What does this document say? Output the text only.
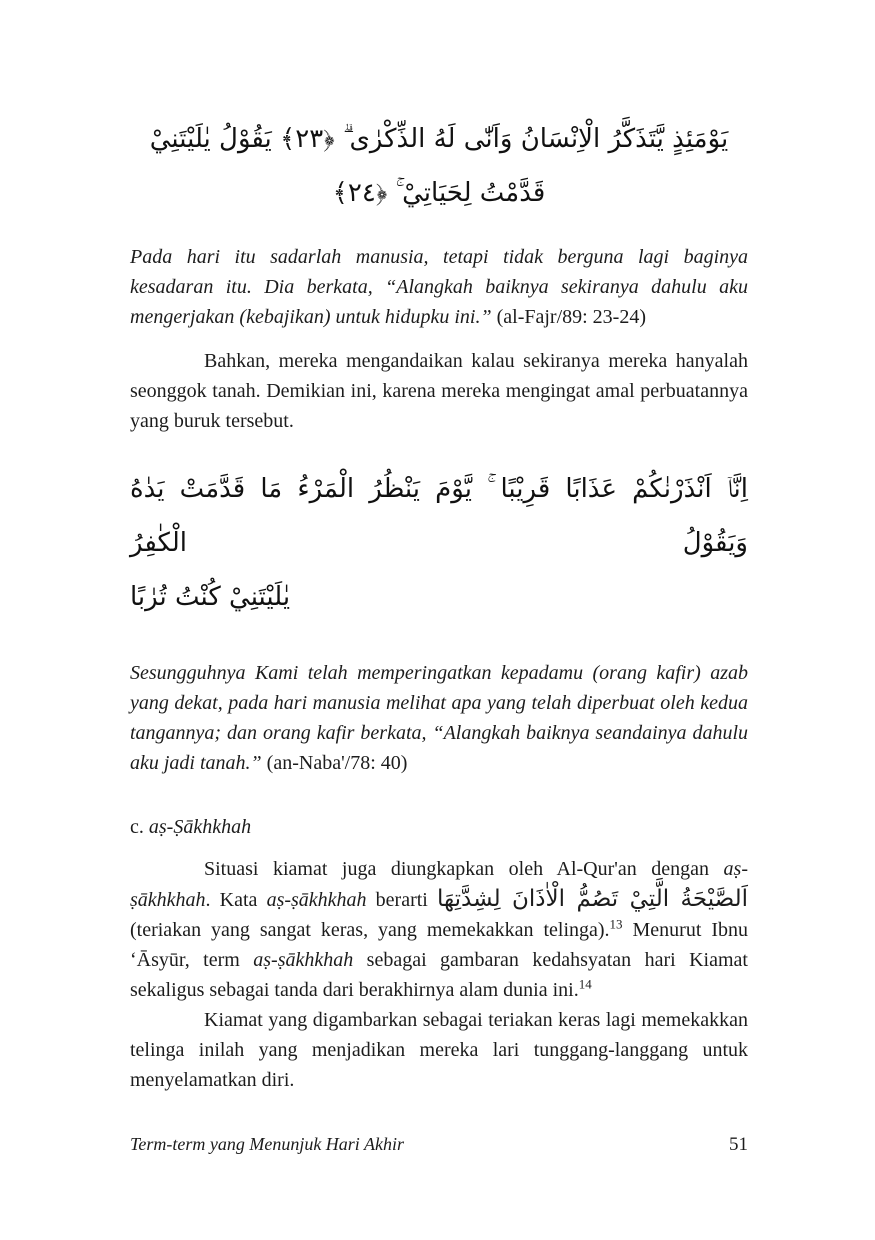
يَوْمَئِذٍ يَّتَذَكَّرُ الْاِنْسَانُ وَاَنّٰى لَهُ الذِّكْرٰى ۗ ﴿٢٣﴾ يَقُوْلُ يٰلَيْتَنِيْ
قَدَّمْتُ لِحَيَاتِيْ ۚ ﴿٢٤﴾

Pada hari itu sadarlah manusia, tetapi tidak berguna lagi baginya kesadaran itu. Dia berkata, “Alangkah baiknya sekiranya dahulu aku mengerjakan (kebajikan) untuk hidupku ini.” (al-Fajr/89: 23-24)

Bahkan, mereka mengandaikan kalau sekiranya mereka hanyalah seonggok tanah. Demikian ini, karena mereka mengingat amal perbuatannya yang buruk tersebut.

اِنَّاۤ اَنْذَرْنٰكُمْ عَذَابًا قَرِيْبًا ۚ يَّوْمَ يَنْظُرُ الْمَرْءُ مَا قَدَّمَتْ يَدٰهُ وَيَقُوْلُ الْكٰفِرُ
يٰلَيْتَنِيْ كُنْتُ تُرٰبًا

Sesungguhnya Kami telah memperingatkan kepadamu (orang kafir) azab yang dekat, pada hari manusia melihat apa yang telah diperbuat oleh kedua tangannya; dan orang kafir berkata, “Alangkah baiknya seandainya dahulu aku jadi tanah.” (an-Naba'/78: 40)

c. aṣ-Ṣākhkhah

Situasi kiamat juga diungkapkan oleh Al-Qur'an dengan aṣ-ṣākhkhah. Kata aṣ-ṣākhkhah berarti اَلصَّيْحَةُ الَّتِيْ تَصُمُّ الْاٰذَانَ لِشِدَّتِهَا (teriakan yang sangat keras, yang memekakkan telinga).$^{13}$ Menurut Ibnu ‘Āsyūr, term aṣ-ṣākhkhah sebagai gambaran kedahsyatan hari Kiamat sekaligus sebagai tanda dari berakhirnya alam dunia ini.$^{14}$

Kiamat yang digambarkan sebagai teriakan keras lagi memekakkan telinga inilah yang menjadikan mereka lari tunggang-langgang untuk menyelamatkan diri.

Term-term yang Menunjuk Hari Akhir	51
